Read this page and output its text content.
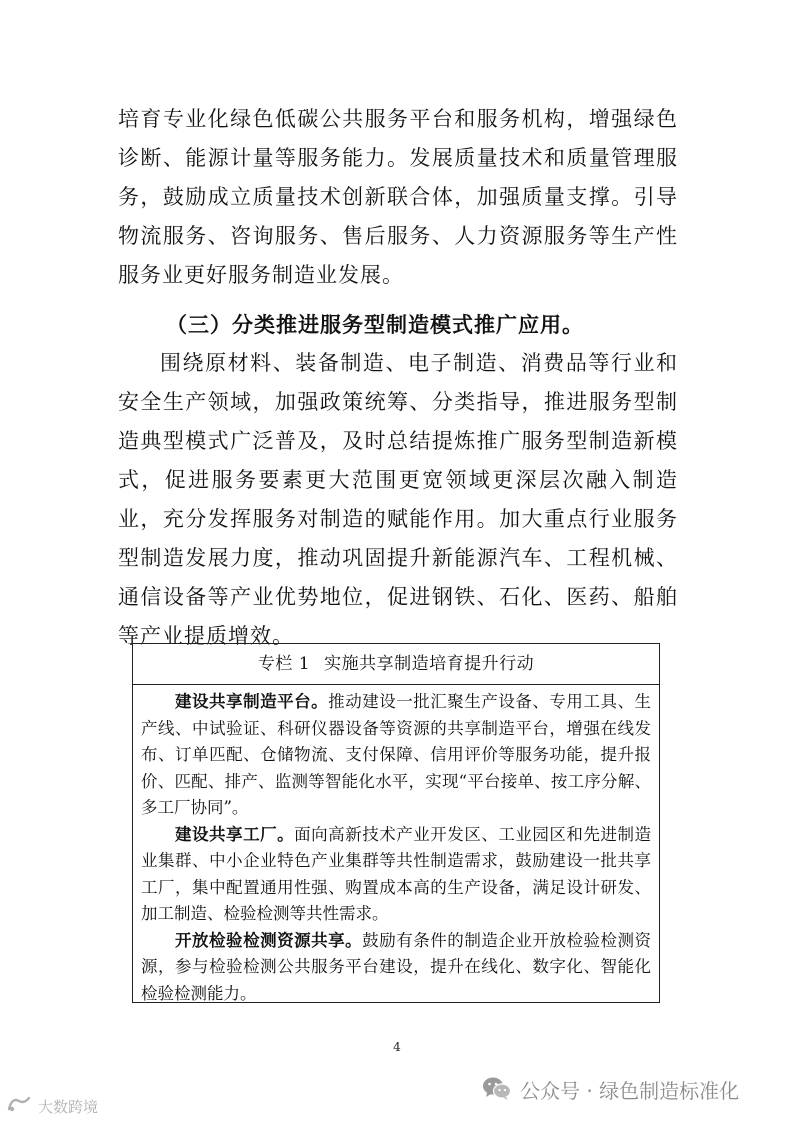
培育专业化绿色低碳公共服务平台和服务机构，增强绿色诊断、能源计量等服务能力。发展质量技术和质量管理服务，鼓励成立质量技术创新联合体，加强质量支撑。引导物流服务、咨询服务、售后服务、人力资源服务等生产性服务业更好服务制造业发展。

（三）分类推进服务型制造模式推广应用。

围绕原材料、装备制造、电子制造、消费品等行业和安全生产领域，加强政策统筹、分类指导，推进服务型制造典型模式广泛普及，及时总结提炼推广服务型制造新模式，促进服务要素更大范围更宽领域更深层次融入制造业，充分发挥服务对制造的赋能作用。加大重点行业服务型制造发展力度，推动巩固提升新能源汽车、工程机械、通信设备等产业优势地位，促进钢铁、石化、医药、船舶等产业提质增效。

专栏 1 实施共享制造培育提升行动

建设共享制造平台。推动建设一批汇聚生产设备、专用工具、生产线、中试验证、科研仪器设备等资源的共享制造平台，增强在线发布、订单匹配、仓储物流、支付保障、信用评价等服务功能，提升报价、匹配、排产、监测等智能化水平，实现“平台接单、按工序分解、多工厂协同”。

建设共享工厂。面向高新技术产业开发区、工业园区和先进制造业集群、中小企业特色产业集群等共性制造需求，鼓励建设一批共享工厂，集中配置通用性强、购置成本高的生产设备，满足设计研发、加工制造、检验检测等共性需求。

开放检验检测资源共享。鼓励有条件的制造企业开放检验检测资源，参与检验检测公共服务平台建设，提升在线化、数字化、智能化检验检测能力。

4
公众号 · 绿色制造标准化
大数跨境
